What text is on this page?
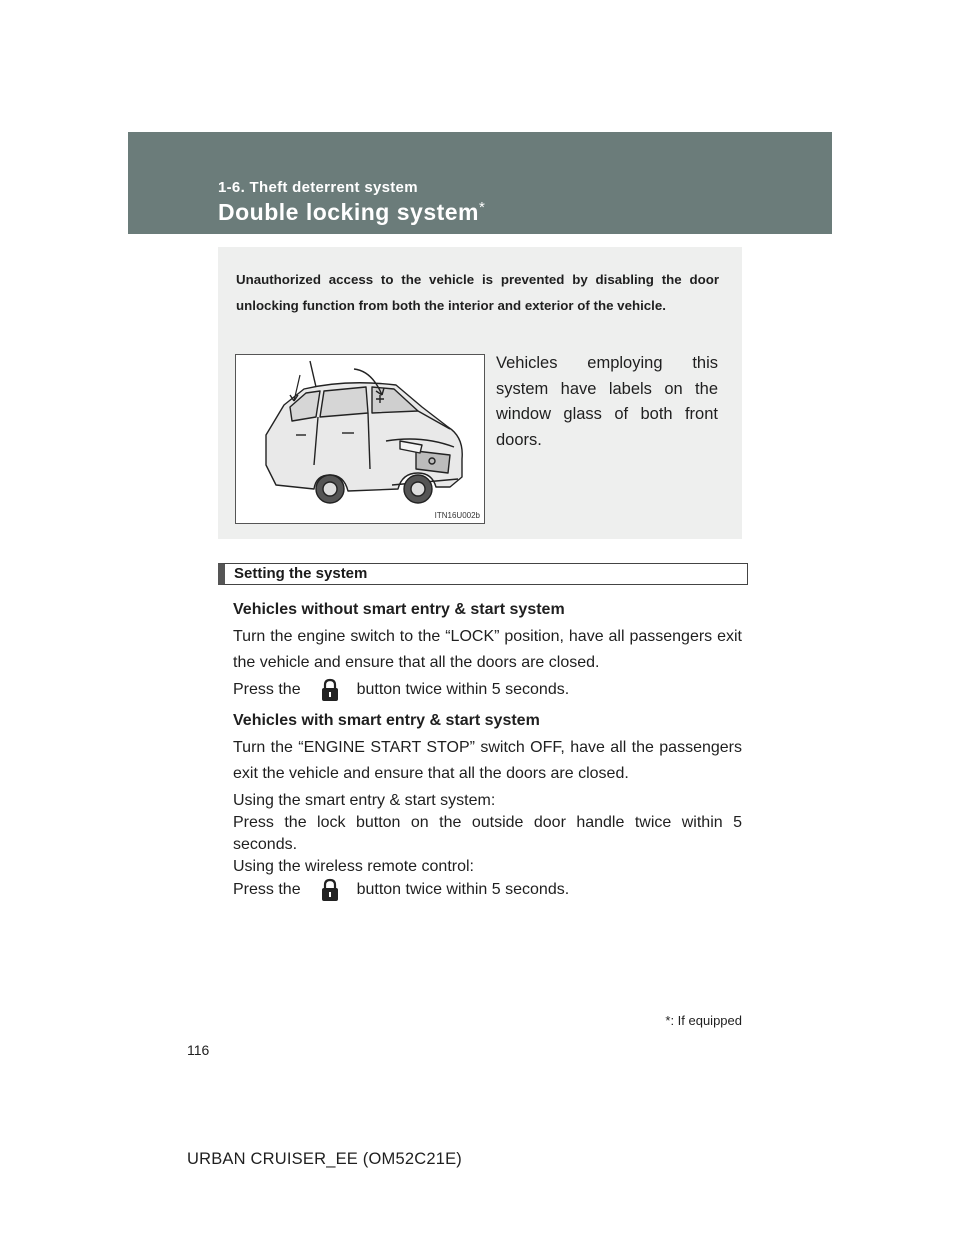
1-6. Theft deterrent system
Double locking system*
Unauthorized access to the vehicle is prevented by disabling the door unlocking function from both the interior and exterior of the vehicle.
ITN16U002b
Vehicles employing this system have labels on the window glass of both front doors.
Setting the system
Vehicles without smart entry & start system
Turn the engine switch to the “LOCK” position, have all passengers exit the vehicle and ensure that all the doors are closed.
Press the	button twice within 5 seconds.
Vehicles with smart entry & start system
Turn the “ENGINE START STOP” switch OFF, have all the passengers exit the vehicle and ensure that all the doors are closed.
Using the smart entry & start system:
Press the lock button on the outside door handle twice within 5 seconds.
Using the wireless remote control:
Press the	button twice within 5 seconds.
*: If equipped
116
URBAN CRUISER_EE (OM52C21E)
